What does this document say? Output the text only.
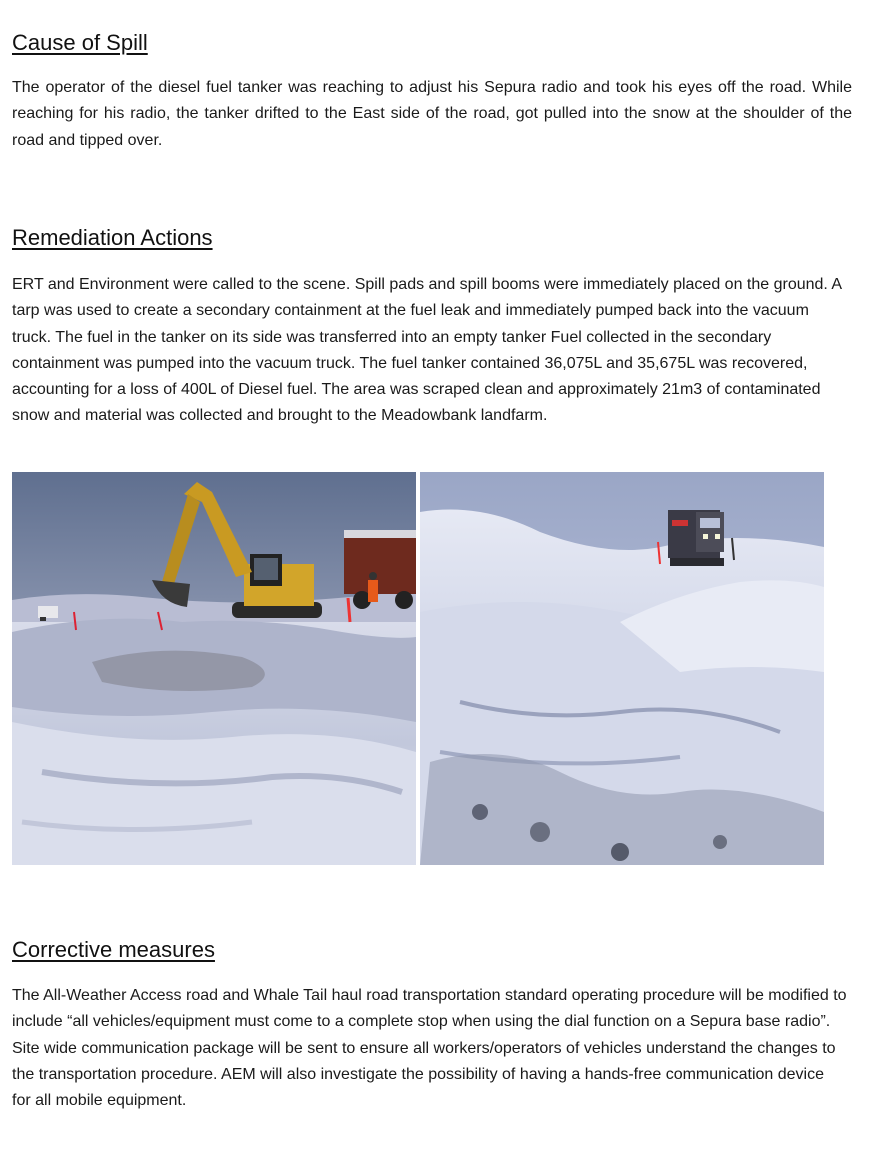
Cause of Spill

The operator of the diesel fuel tanker was reaching to adjust his Sepura radio and took his eyes off the road. While reaching for his radio, the tanker drifted to the East side of the road, got pulled into the snow at the shoulder of the road and tipped over.

Remediation Actions

ERT and Environment were called to the scene. Spill pads and spill booms were immediately placed on the ground. A tarp was used to create a secondary containment at the fuel leak and immediately pumped back into the vacuum truck. The fuel in the tanker on its side was transferred into an empty tanker Fuel collected in the secondary containment was pumped into the vacuum truck. The fuel tanker contained 36,075L and 35,675L was recovered, accounting for a loss of 400L of Diesel fuel. The area was scraped clean and approximately 21m3 of contaminated snow and material was collected and brought to the Meadowbank landfarm.

Corrective measures

The All-Weather Access road and Whale Tail haul road transportation standard operating procedure will be modified to include “all vehicles/equipment must come to a complete stop when using the dial function on a Sepura base radio”. Site wide communication package will be sent to ensure all workers/operators of vehicles understand the changes to the transportation procedure. AEM will also investigate the possibility of having a hands-free communication device for all mobile equipment.
